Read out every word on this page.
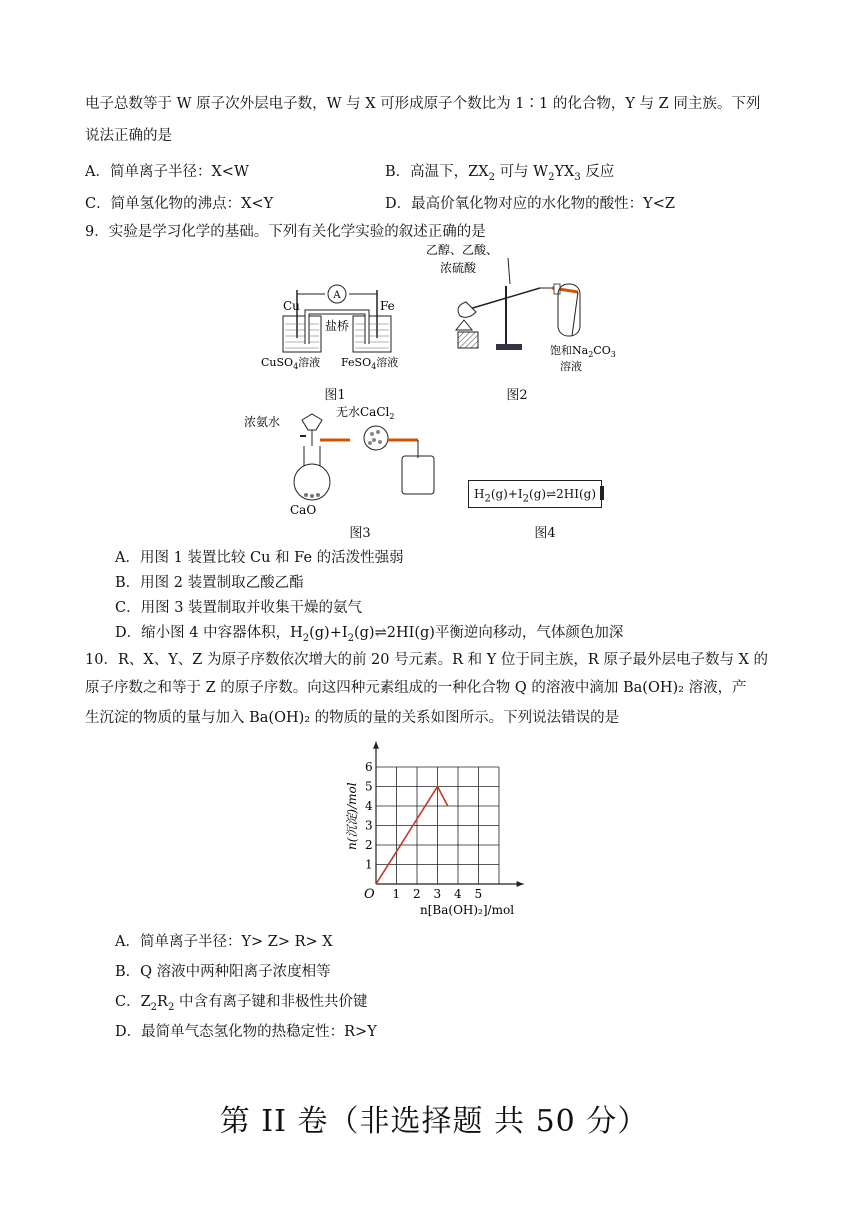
电子总数等于 W 原子次外层电子数，W 与 X 可形成原子个数比为 1∶1 的化合物，Y 与 Z 同主族。下列
说法正确的是
A．简单离子半径：X<W	B．高温下，$ZX_2$ 可与 $W_2YX_3$ 反应
C．简单氢化物的沸点：X<Y	D．最高价氧化物对应的水化物的酸性：Y<Z
9．实验是学习化学的基础。下列有关化学实验的叙述正确的是
A
Cu	Fe
盐桥
CuSO$_4$溶液 FeSO$_4$溶液
图1
乙醇、乙酸、
浓硫酸
饱和$Na_2CO_3$
溶液
图2
浓氨水
无水CaCl$_2$
CaO
图3
$H_2(g)+I_2(g)\rightleftharpoons 2HI(g)$
图4
A．用图 1 装置比较 Cu 和 Fe 的活泼性强弱
B．用图 2 装置制取乙酸乙酯
C．用图 3 装置制取并收集干燥的氨气
D．缩小图 4 中容器体积，$H_2(g)+I_2(g)\rightleftharpoons 2HI(g)$平衡逆向移动，气体颜色加深
10．R、X、Y、Z 为原子序数依次增大的前 20 号元素。R 和 Y 位于同主族，R 原子最外层电子数与 X 的
原子序数之和等于 Z 的原子序数。向这四种元素组成的一种化合物 Q 的溶液中滴加 Ba(OH)₂ 溶液，产
生沉淀的物质的量与加入 Ba(OH)₂ 的物质的量的关系如图所示。下列说法错误的是
n(沉淀)/mol
n[Ba(OH)₂]/mol
O 1 2 3 4 5
1
2
3
4
5
6
A．简单离子半径：Y> Z> R> X
B．Q 溶液中两种阳离子浓度相等
C．$Z_2R_2$ 中含有离子键和非极性共价键
D．最简单气态氢化物的热稳定性：R>Y
第 II 卷（非选择题 共 50 分）
